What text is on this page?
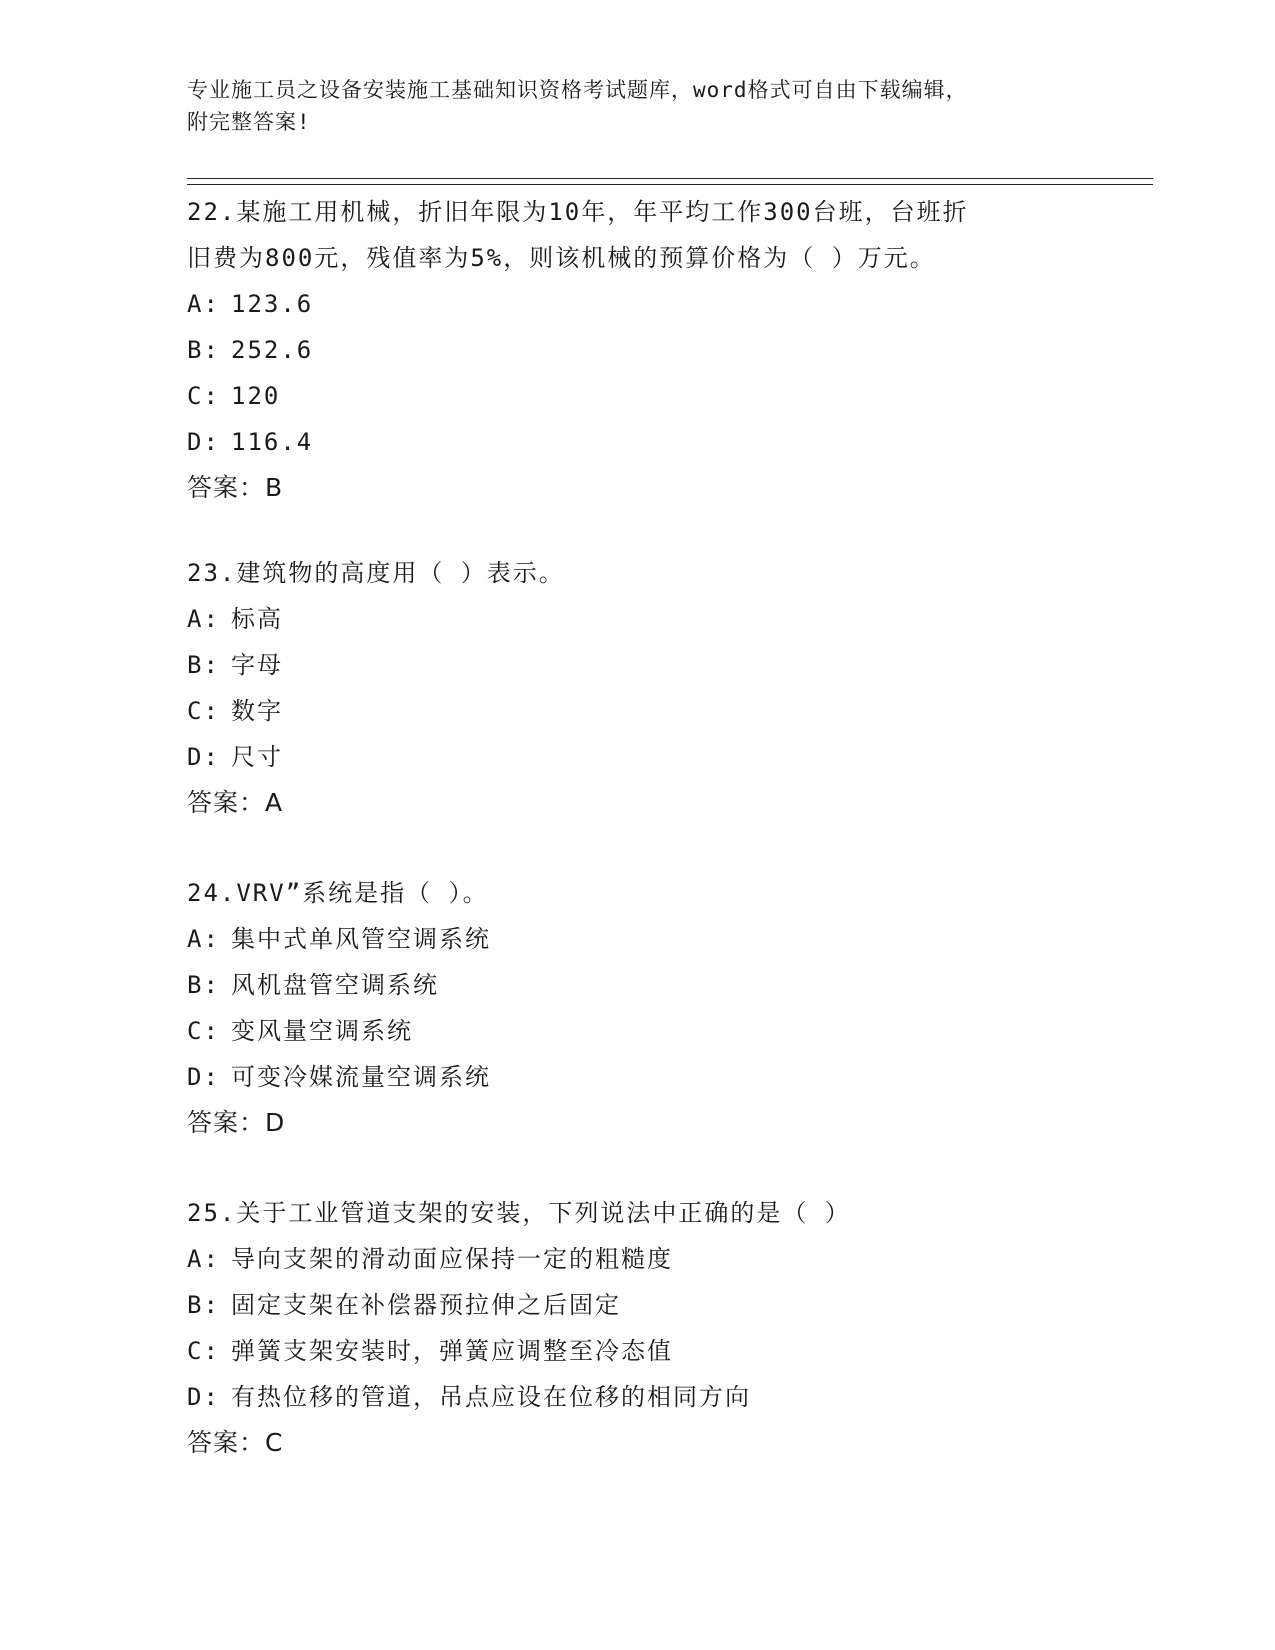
专业施工员之设备安装施工基础知识资格考试题库，word格式可自由下载编辑，
附完整答案!
22.某施工用机械，折旧年限为10年，年平均工作300台班，台班折
旧费为800元，残值率为5%，则该机械的预算价格为（ ）万元。
A: 123.6
B: 252.6
C: 120
D: 116.4
答案：B
23.建筑物的高度用（ ）表示。
A: 标高
B: 字母
C: 数字
D: 尺寸
答案：A
24.VRV”系统是指（ ）。
A: 集中式单风管空调系统
B: 风机盘管空调系统
C: 变风量空调系统
D: 可变冷媒流量空调系统
答案：D
25.关于工业管道支架的安装，下列说法中正确的是（ ）
A: 导向支架的滑动面应保持一定的粗糙度
B: 固定支架在补偿器预拉伸之后固定
C: 弹簧支架安装时，弹簧应调整至冷态值
D: 有热位移的管道，吊点应设在位移的相同方向
答案：C
